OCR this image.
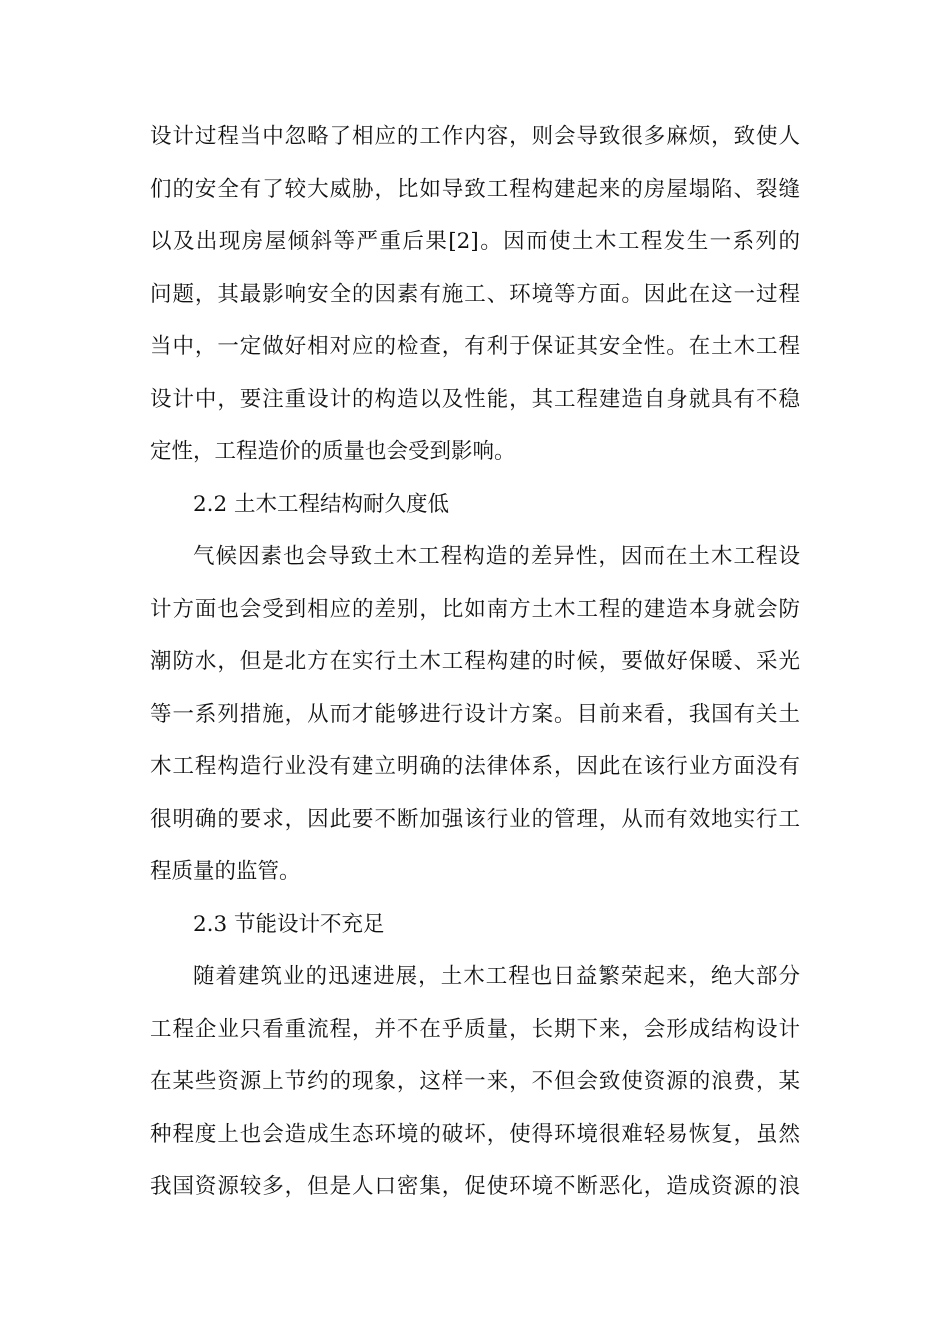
设计过程当中忽略了相应的工作内容，则会导致很多麻烦，致使人
们的安全有了较大威胁，比如导致工程构建起来的房屋塌陷、裂缝
以及出现房屋倾斜等严重后果[2]。因而使土木工程发生一系列的
问题，其最影响安全的因素有施工、环境等方面。因此在这一过程
当中，一定做好相对应的检查，有利于保证其安全性。在土木工程
设计中，要注重设计的构造以及性能，其工程建造自身就具有不稳
定性，工程造价的质量也会受到影响。
2.2 土木工程结构耐久度低
气候因素也会导致土木工程构造的差异性，因而在土木工程设
计方面也会受到相应的差别，比如南方土木工程的建造本身就会防
潮防水，但是北方在实行土木工程构建的时候，要做好保暖、采光
等一系列措施，从而才能够进行设计方案。目前来看，我国有关土
木工程构造行业没有建立明确的法律体系，因此在该行业方面没有
很明确的要求，因此要不断加强该行业的管理，从而有效地实行工
程质量的监管。
2.3 节能设计不充足
随着建筑业的迅速进展，土木工程也日益繁荣起来，绝大部分
工程企业只看重流程，并不在乎质量，长期下来，会形成结构设计
在某些资源上节约的现象，这样一来，不但会致使资源的浪费，某
种程度上也会造成生态环境的破坏，使得环境很难轻易恢复，虽然
我国资源较多，但是人口密集，促使环境不断恶化，造成资源的浪
